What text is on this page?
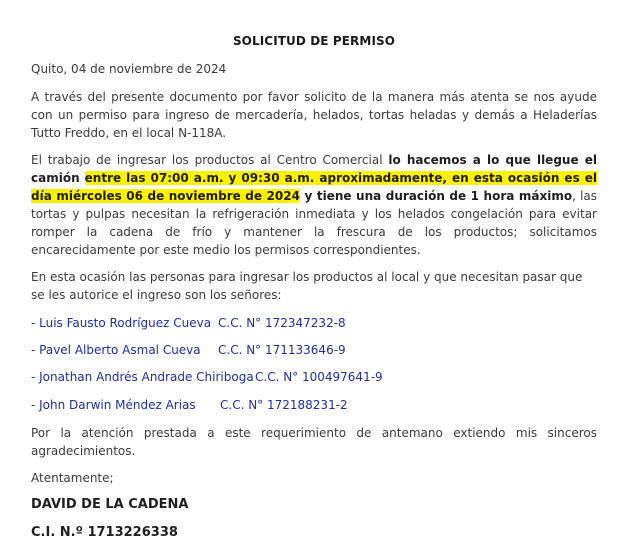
SOLICITUD DE PERMISO
Quito, 04 de noviembre de 2024
A través del presente documento por favor solicito de la manera más atenta se nos ayude con un permiso para ingreso de mercadería, helados, tortas heladas y demás a Heladerías Tutto Freddo, en el local N-118A.
El trabajo de ingresar los productos al Centro Comercial lo hacemos a lo que llegue el camión entre las 07:00 a.m. y 09:30 a.m. aproximadamente, en esta ocasión es el día miércoles 06 de noviembre de 2024 y tiene una duración de 1 hora máximo, las tortas y pulpas necesitan la refrigeración inmediata y los helados congelación para evitar romper la cadena de frío y mantener la frescura de los productos; solicitamos encarecidamente por este medio los permisos correspondientes.
En esta ocasión las personas para ingresar los productos al local y que necesitan pasar que se les autorice el ingreso son los señores:
- Luis Fausto Rodríguez Cueva C.C. N° 172347232-8
- Pavel Alberto Asmal Cueva C.C. N° 171133646-9
- Jonathan Andrés Andrade Chiriboga C.C. N° 100497641-9
- John Darwin Méndez Arias C.C. N° 172188231-2
Por la atención prestada a este requerimiento de antemano extiendo mis sinceros agradecimientos.
Atentamente;
DAVID DE LA CADENA
C.I. N.º 1713226338
